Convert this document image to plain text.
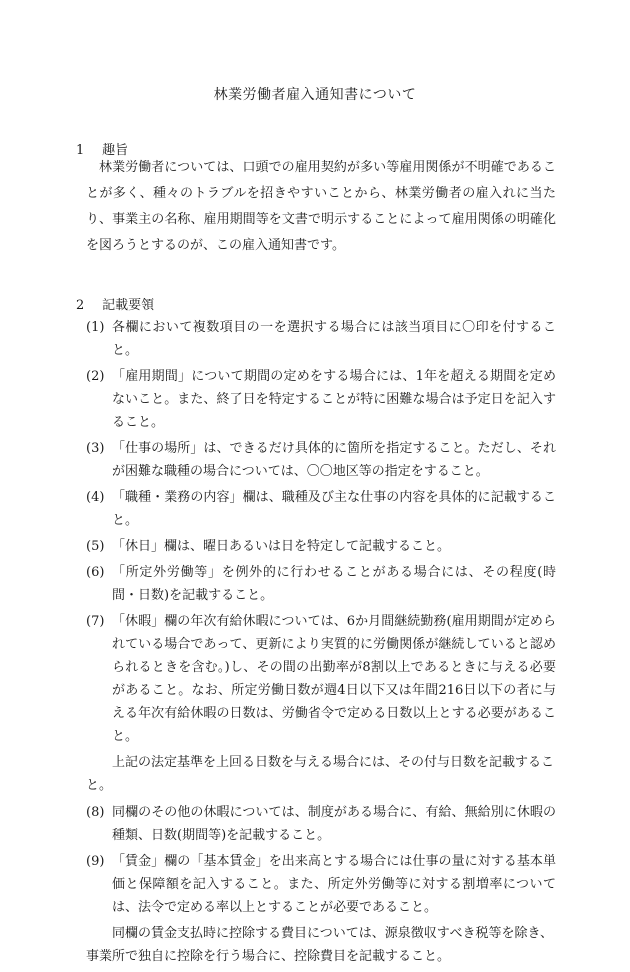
林業労働者雇入通知書について
1 趣旨

林業労働者については、口頭での雇用契約が多い等雇用関係が不明確であることが多く、種々のトラブルを招きやすいことから、林業労働者の雇入れに当たり、事業主の名称、雇用期間等を文書で明示することによって雇用関係の明確化を図ろうとするのが、この雇入通知書です。

2 記載要領
(1) 各欄において複数項目の一を選択する場合には該当項目に〇印を付すること。
(2) 「雇用期間」について期間の定めをする場合には、1年を超える期間を定めないこと。また、終了日を特定することが特に困難な場合は予定日を記入すること。
(3) 「仕事の場所」は、できるだけ具体的に箇所を指定すること。ただし、それが困難な職種の場合については、〇〇地区等の指定をすること。
(4) 「職種・業務の内容」欄は、職種及び主な仕事の内容を具体的に記載すること。
(5) 「休日」欄は、曜日あるいは日を特定して記載すること。
(6) 「所定外労働等」を例外的に行わせることがある場合には、その程度(時間・日数)を記載すること。
(7) 「休暇」欄の年次有給休暇については、6か月間継続勤務(雇用期間が定められている場合であって、更新により実質的に労働関係が継続していると認められるときを含む。)し、その間の出勤率が8割以上であるときに与える必要があること。なお、所定労働日数が週4日以下又は年間216日以下の者に与える年次有給休暇の日数は、労働省令で定める日数以上とする必要があること。
上記の法定基準を上回る日数を与える場合には、その付与日数を記載すること。
(8) 同欄のその他の休暇については、制度がある場合に、有給、無給別に休暇の種類、日数(期間等)を記載すること。
(9) 「賃金」欄の「基本賃金」を出来高とする場合には仕事の量に対する基本単価と保障額を記入すること。また、所定外労働等に対する割増率については、法令で定める率以上とすることが必要であること。
同欄の賃金支払時に控除する費目については、源泉徴収すべき税等を除き、事業所で独自に控除を行う場合に、控除費目を記載すること。
